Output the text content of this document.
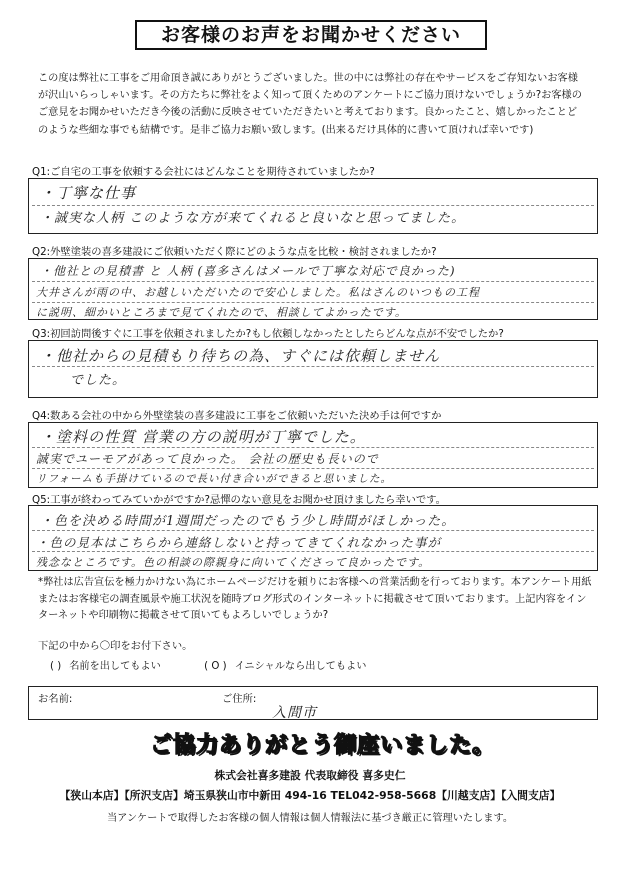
お客様のお声をお聞かせください
この度は弊社に工事をご用命頂き誠にありがとうございました。世の中には弊社の存在やサービスをご存知ないお客様が沢山いらっしゃいます。その方たちに弊社をよく知って頂くためのアンケートにご協力頂けないでしょうか?お客様のご意見をお聞かせいただき今後の活動に反映させていただきたいと考えております。良かったこと、嬉しかったことどのような些細な事でも結構です。是非ご協力お願い致します。(出来るだけ具体的に書いて頂ければ幸いです)
Q1:ご自宅の工事を依頼する会社にはどんなことを期待されていましたか?
・丁寧な仕事
・誠実な人柄 このような方が来てくれると良いなと思ってました。
Q2:外壁塗装の喜多建設にご依頼いただく際にどのような点を比較・検討されましたか?
・他社との見積書 と 人柄 (喜多さんはメールで丁寧な対応で良かった)
大井さんが雨の中、お越しいただいたので安心しました。私はさんのいつもの工程
に説明、細かいところまで見てくれたので、相談してよかったです。
Q3:初回訪問後すぐに工事を依頼されましたか?もし依頼しなかったとしたらどんな点が不安でしたか?
・他社からの見積もり待ちの為、すぐには依頼しません
でした。
Q4:数ある会社の中から外壁塗装の喜多建設に工事をご依頼いただいた決め手は何ですか
・塗料の性質 営業の方の説明が丁寧でした。
誠実でユーモアがあって良かった。 会社の歴史も長いので
リフォームも手掛けているので長い付き合いができると思いました。
Q5:工事が終わってみていかがですか?忌憚のない意見をお聞かせ頂けましたら幸いです。
・色を決める時間が1週間だったのでもう少し時間がほしかった。
・色の見本はこちらから連絡しないと持ってきてくれなかった事が
残念なところです。色の相談の際親身に向いてくださって良かったです。
*弊社は広告宣伝を極力かけない為にホームページだけを頼りにお客様への営業活動を行っております。本アンケート用紙またはお客様宅の調査風景や施工状況を随時ブログ形式のインターネットに掲載させて頂いております。上記内容をインターネットや印刷物に掲載させて頂いてもよろしいでしょうか?
下記の中から〇印をお付下さい。
( ) 名前を出してもよい	( O ) イニシャルなら出してもよい
お名前:	ご住所:
入間市
ご協力ありがとう御座いました。
株式会社喜多建設 代表取締役 喜多史仁
【狭山本店】【所沢支店】埼玉県狭山市中新田 494-16 TEL042-958-5668【川越支店】【入間支店】
当アンケートで取得したお客様の個人情報は個人情報法に基づき厳正に管理いたします。
